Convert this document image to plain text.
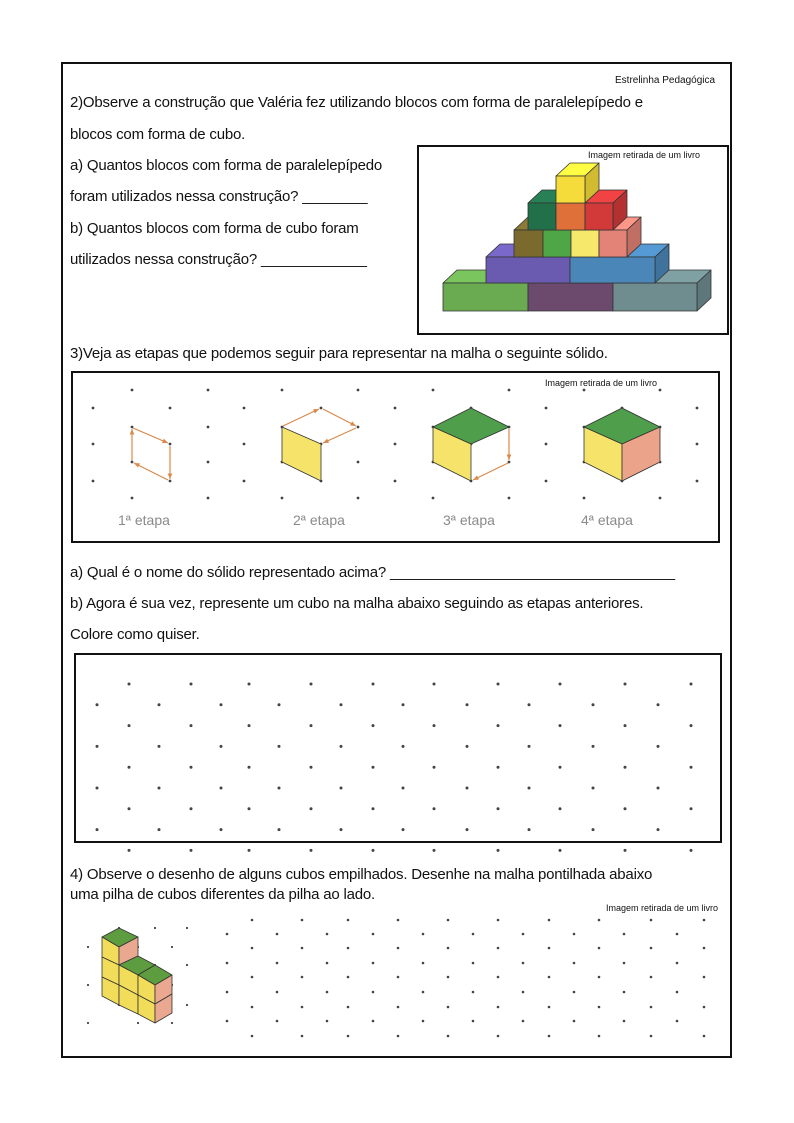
Estrelinha Pedagógica
2)Observe a construção que Valéria fez utilizando blocos com forma de paralelepípedo e
blocos com forma de cubo.
a) Quantos blocos com forma de paralelepípedo
foram utilizados nessa construção? ________
b) Quantos blocos com forma de cubo foram
utilizados nessa construção? _____________
Imagem retirada de um livro
3)Veja as etapas que podemos seguir para representar na malha o seguinte sólido.
Imagem retirada de um livro
1ª etapa	2ª etapa	3ª etapa	4ª etapa
a) Qual é o nome do sólido representado acima? ___________________________________
b) Agora é sua vez, represente um cubo na malha abaixo seguindo as etapas anteriores.
Colore como quiser.
4) Observe o desenho de alguns cubos empilhados. Desenhe na malha pontilhada abaixo
uma pilha de cubos diferentes da pilha ao lado.
Imagem retirada de um livro
